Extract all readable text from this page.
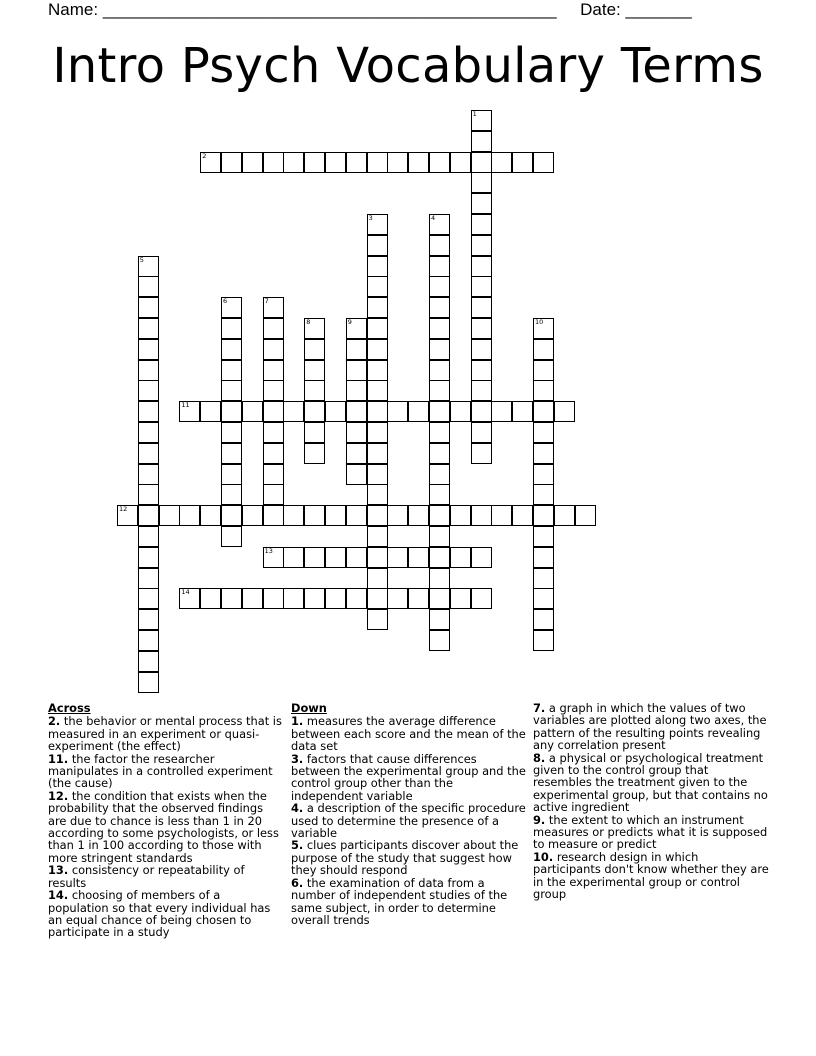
Name: ________________________________________________ Date: _______
Intro Psych Vocabulary Terms
1
2
3	4
5
6	7
8	9	10
11
12
13
14
Across

2. the behavior or mental process that is measured in an experiment or quasi-experiment (the effect)

11. the factor the researcher manipulates in a controlled experiment (the cause)

12. the condition that exists when the probability that the observed findings are due to chance is less than 1 in 20 according to some psychologists, or less than 1 in 100 according to those with more stringent standards

13. consistency or repeatability of results

14. choosing of members of a population so that every individual has an equal chance of being chosen to participate in a study

Down

1. measures the average difference between each score and the mean of the data set

3. factors that cause differences between the experimental group and the control group other than the independent variable

4. a description of the specific procedure used to determine the presence of a variable

5. clues participants discover about the purpose of the study that suggest how they should respond

6. the examination of data from a number of independent studies of the same subject, in order to determine overall trends

7. a graph in which the values of two variables are plotted along two axes, the pattern of the resulting points revealing any correlation present

8. a physical or psychological treatment given to the control group that resembles the treatment given to the experimental group, but that contains no active ingredient

9. the extent to which an instrument measures or predicts what it is supposed to measure or predict

10. research design in which participants don't know whether they are in the experimental group or control group
